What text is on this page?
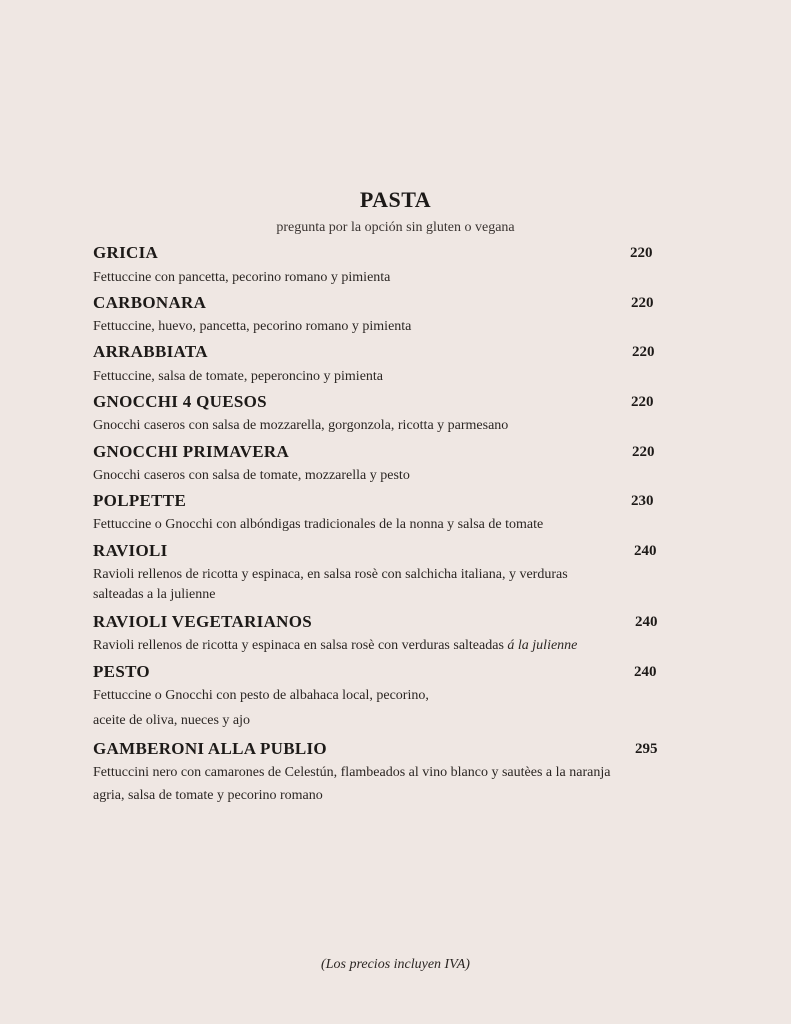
PASTA
pregunta por la opción sin gluten o vegana
GRICIA	220
Fettuccine con pancetta, pecorino romano y pimienta
CARBONARA	220
Fettuccine, huevo, pancetta, pecorino romano y pimienta
ARRABBIATA	220
Fettuccine, salsa de tomate, peperoncino y pimienta
GNOCCHI 4 QUESOS	220
Gnocchi caseros con salsa de mozzarella, gorgonzola, ricotta y parmesano
GNOCCHI PRIMAVERA	220
Gnocchi caseros con salsa de tomate, mozzarella y pesto
POLPETTE	230
Fettuccine o Gnocchi con albóndigas tradicionales de la nonna y salsa de tomate
RAVIOLI	240
Ravioli rellenos de ricotta y espinaca, en salsa rosè con salchicha italiana, y verduras
salteadas a la julienne
RAVIOLI VEGETARIANOS	240
Ravioli rellenos de ricotta y espinaca en salsa rosè con verduras salteadas á la julienne
PESTO	240
Fettuccine o Gnocchi con pesto de albahaca local, pecorino,
aceite de oliva, nueces y ajo
GAMBERONI ALLA PUBLIO	295
Fettuccini nero con camarones de Celestún, flambeados al vino blanco y sautèes a la naranja
agria, salsa de tomate y pecorino romano
(Los precios incluyen IVA)
